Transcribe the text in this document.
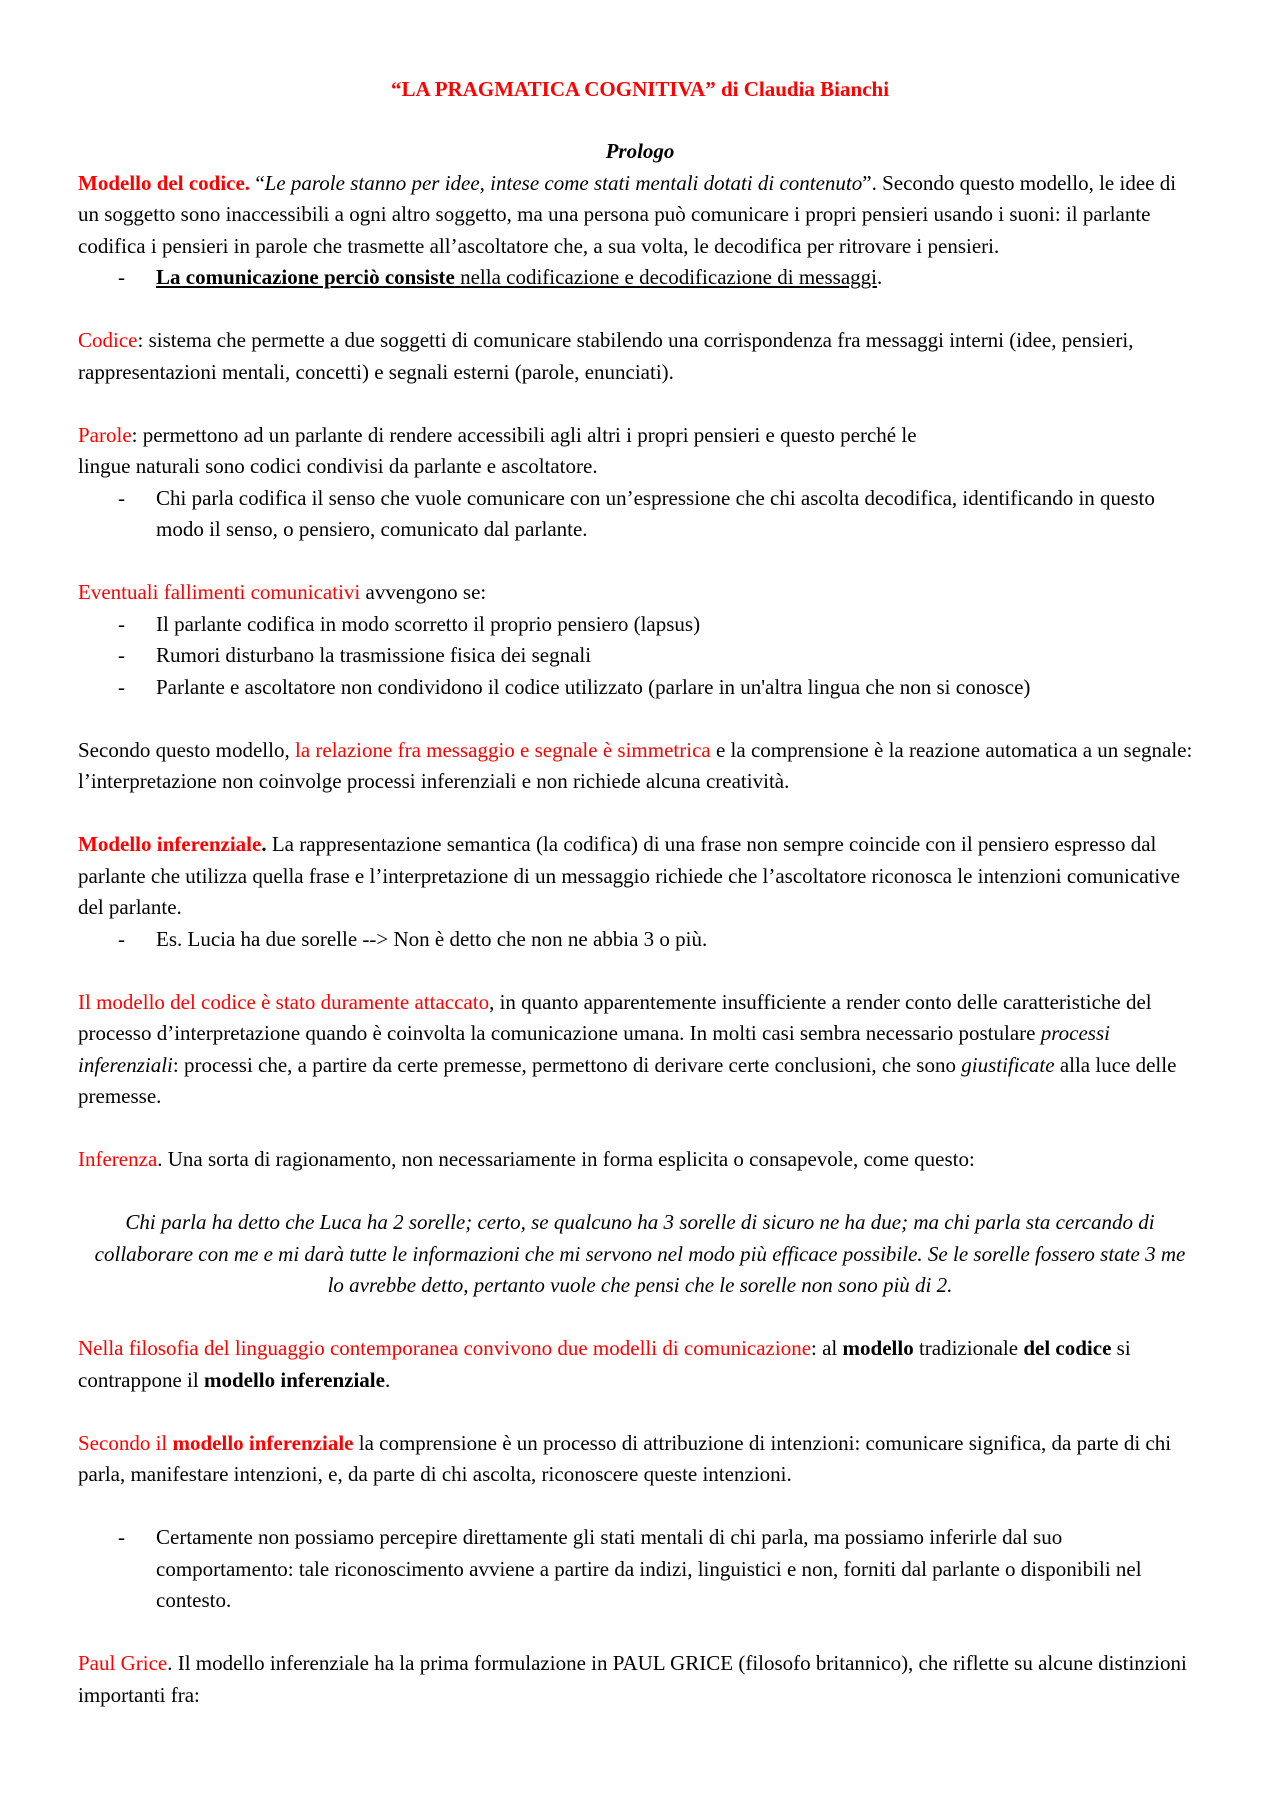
“LA PRAGMATICA COGNITIVA” di Claudia Bianchi

Prologo

Modello del codice. “Le parole stanno per idee, intese come stati mentali dotati di contenuto”. Secondo questo modello, le idee di un soggetto sono inaccessibili a ogni altro soggetto, ma una persona può comunicare i propri pensieri usando i suoni: il parlante codifica i pensieri in parole che trasmette all’ascoltatore che, a sua volta, le decodifica per ritrovare i pensieri.

- La comunicazione perciò consiste nella codificazione e decodificazione di messaggi.

Codice: sistema che permette a due soggetti di comunicare stabilendo una corrispondenza fra messaggi interni (idee, pensieri, rappresentazioni mentali, concetti) e segnali esterni (parole, enunciati).

Parole: permettono ad un parlante di rendere accessibili agli altri i propri pensieri e questo perché le
lingue naturali sono codici condivisi da parlante e ascoltatore.

- Chi parla codifica il senso che vuole comunicare con un’espressione che chi ascolta decodifica, identificando in questo modo il senso, o pensiero, comunicato dal parlante.

Eventuali fallimenti comunicativi avvengono se:

- Il parlante codifica in modo scorretto il proprio pensiero (lapsus)
- Rumori disturbano la trasmissione fisica dei segnali
- Parlante e ascoltatore non condividono il codice utilizzato (parlare in un'altra lingua che non si conosce)

Secondo questo modello, la relazione fra messaggio e segnale è simmetrica e la comprensione è la reazione automatica a un segnale: l’interpretazione non coinvolge processi inferenziali e non richiede alcuna creatività.

Modello inferenziale. La rappresentazione semantica (la codifica) di una frase non sempre coincide con il pensiero espresso dal parlante che utilizza quella frase e l’interpretazione di un messaggio richiede che l’ascoltatore riconosca le intenzioni comunicative del parlante.

- Es. Lucia ha due sorelle --> Non è detto che non ne abbia 3 o più.

Il modello del codice è stato duramente attaccato, in quanto apparentemente insufficiente a render conto delle caratteristiche del processo d’interpretazione quando è coinvolta la comunicazione umana. In molti casi sembra necessario postulare processi inferenziali: processi che, a partire da certe premesse, permettono di derivare certe conclusioni, che sono giustificate alla luce delle premesse.

Inferenza. Una sorta di ragionamento, non necessariamente in forma esplicita o consapevole, come questo:

Chi parla ha detto che Luca ha 2 sorelle; certo, se qualcuno ha 3 sorelle di sicuro ne ha due; ma chi parla sta cercando di collaborare con me e mi darà tutte le informazioni che mi servono nel modo più efficace possibile. Se le sorelle fossero state 3 me lo avrebbe detto, pertanto vuole che pensi che le sorelle non sono più di 2.

Nella filosofia del linguaggio contemporanea convivono due modelli di comunicazione: al modello tradizionale del codice si contrappone il modello inferenziale.

Secondo il modello inferenziale la comprensione è un processo di attribuzione di intenzioni: comunicare significa, da parte di chi parla, manifestare intenzioni, e, da parte di chi ascolta, riconoscere queste intenzioni.

- Certamente non possiamo percepire direttamente gli stati mentali di chi parla, ma possiamo inferirle dal suo comportamento: tale riconoscimento avviene a partire da indizi, linguistici e non, forniti dal parlante o disponibili nel contesto.

Paul Grice. Il modello inferenziale ha la prima formulazione in PAUL GRICE (filosofo britannico), che riflette su alcune distinzioni importanti fra:
